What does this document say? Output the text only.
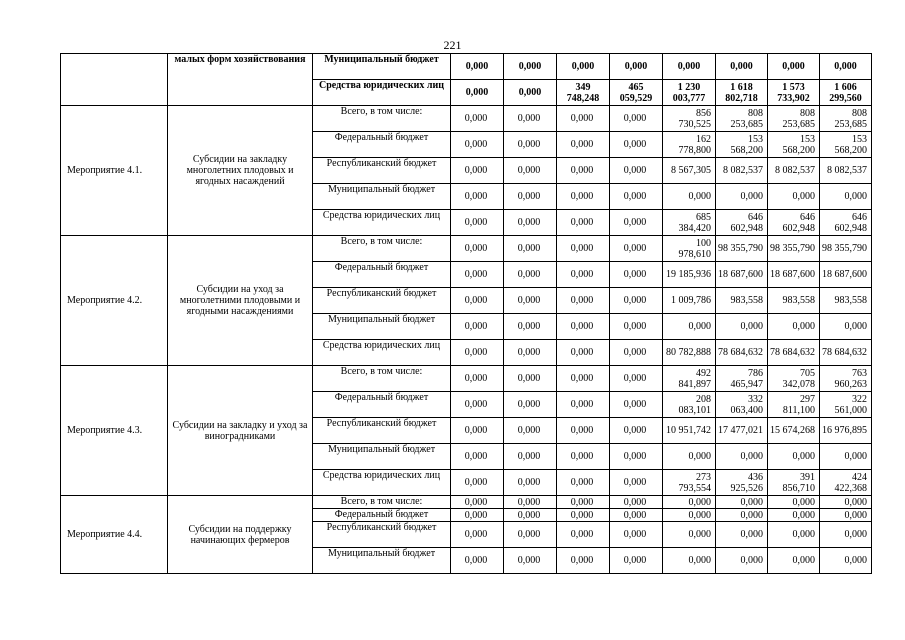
221
	малых форм хозяйствования	Муниципальный бюджет	0,000	0,000	0,000	0,000	0,000	0,000	0,000	0,000
		Средства юридических лиц	0,000	0,000	349 748,248	465 059,529	1 230 003,777	1 618 802,718	1 573 733,902	1 606 299,560
Мероприятие 4.1.	Субсидии на закладку многолетних плодовых и ягодных насаждений	Всего, в том числе:	0,000	0,000	0,000	0,000	856 730,525	808 253,685	808 253,685	808 253,685
		Федеральный бюджет	0,000	0,000	0,000	0,000	162 778,800	153 568,200	153 568,200	153 568,200
		Республиканский бюджет	0,000	0,000	0,000	0,000	8 567,305	8 082,537	8 082,537	8 082,537
		Муниципальный бюджет	0,000	0,000	0,000	0,000	0,000	0,000	0,000	0,000
		Средства юридических лиц	0,000	0,000	0,000	0,000	685 384,420	646 602,948	646 602,948	646 602,948
Мероприятие 4.2.	Субсидии на уход за многолетними плодовыми и ягодными насаждениями	Всего, в том числе:	0,000	0,000	0,000	0,000	100 978,610	98 355,790	98 355,790	98 355,790
		Федеральный бюджет	0,000	0,000	0,000	0,000	19 185,936	18 687,600	18 687,600	18 687,600
		Республиканский бюджет	0,000	0,000	0,000	0,000	1 009,786	983,558	983,558	983,558
		Муниципальный бюджет	0,000	0,000	0,000	0,000	0,000	0,000	0,000	0,000
		Средства юридических лиц	0,000	0,000	0,000	0,000	80 782,888	78 684,632	78 684,632	78 684,632
Мероприятие 4.3.	Субсидии на закладку и уход за виноградниками	Всего, в том числе:	0,000	0,000	0,000	0,000	492 841,897	786 465,947	705 342,078	763 960,263
		Федеральный бюджет	0,000	0,000	0,000	0,000	208 083,101	332 063,400	297 811,100	322 561,000
		Республиканский бюджет	0,000	0,000	0,000	0,000	10 951,742	17 477,021	15 674,268	16 976,895
		Муниципальный бюджет	0,000	0,000	0,000	0,000	0,000	0,000	0,000	0,000
		Средства юридических лиц	0,000	0,000	0,000	0,000	273 793,554	436 925,526	391 856,710	424 422,368
Мероприятие 4.4.	Субсидии на поддержку начинающих фермеров	Всего, в том числе:	0,000	0,000	0,000	0,000	0,000	0,000	0,000	0,000
		Федеральный бюджет	0,000	0,000	0,000	0,000	0,000	0,000	0,000	0,000
		Республиканский бюджет	0,000	0,000	0,000	0,000	0,000	0,000	0,000	0,000
		Муниципальный бюджет	0,000	0,000	0,000	0,000	0,000	0,000	0,000	0,000
